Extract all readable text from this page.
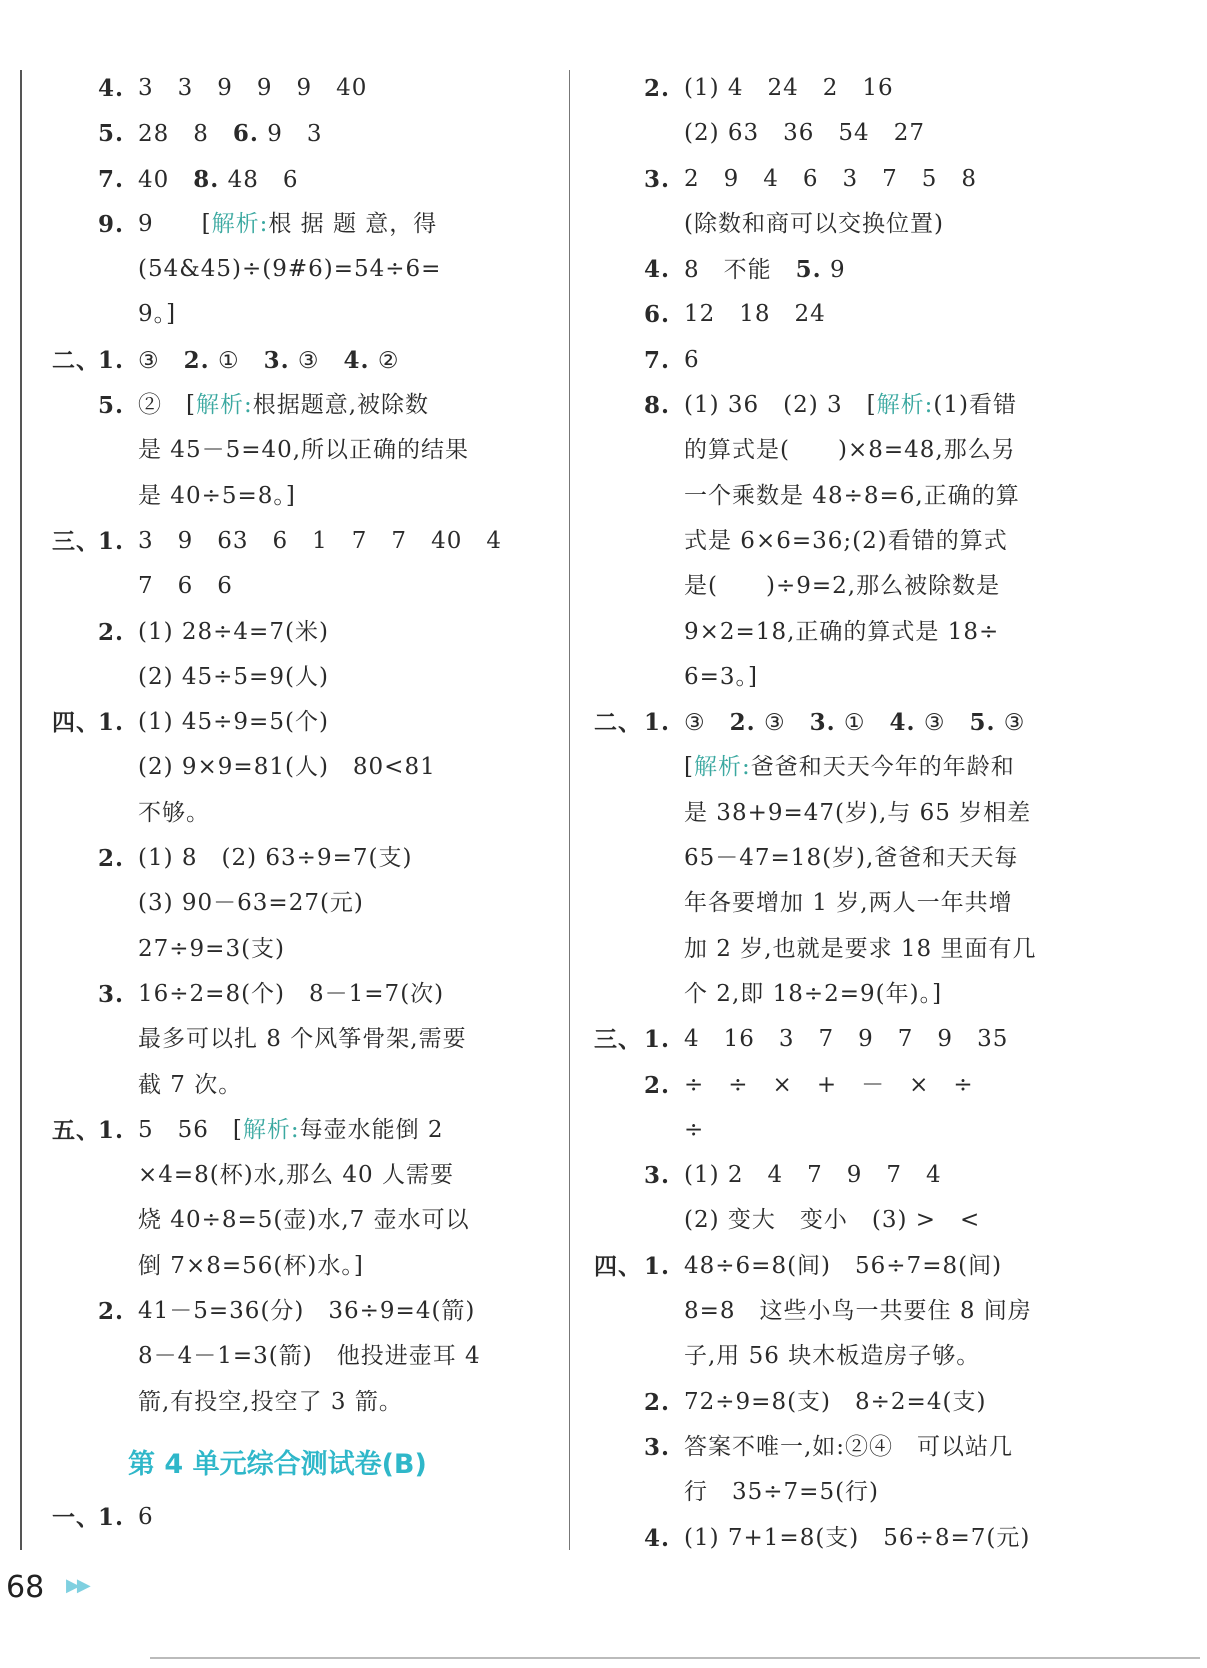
4. 3　3　9　9　9　40
5. 28　8　6. 9　3
7. 40　8. 48　6
9. 9　　[解析:根 据 题 意，得
(54&45)÷(9#6)=54÷6=
9。]
二、
1. ③　2. ①　3. ③　4. ②
5. ②　[解析:根据题意,被除数
是 45－5=40,所以正确的结果
是 40÷5=8。]
三、
1. 3　9　63　6　1　7　7　40　4
7　6　6
2. (1) 28÷4=7(米)
(2) 45÷5=9(人)
四、
1. (1) 45÷9=5(个)
(2) 9×9=81(人)　80<81
不够。
2. (1) 8　(2) 63÷9=7(支)
(3) 90－63=27(元)
27÷9=3(支)
3. 16÷2=8(个)　8－1=7(次)
最多可以扎 8 个风筝骨架,需要
截 7 次。
五、
1. 5　56　[解析:每壶水能倒 2
×4=8(杯)水,那么 40 人需要
烧 40÷8=5(壶)水,7 壶水可以
倒 7×8=56(杯)水。]
2. 41－5=36(分)　36÷9=4(箭)
8－4－1=3(箭)　他投进壶耳 4
箭,有投空,投空了 3 箭。
第 4 单元综合测试卷(B)
一、
1. 6
2. (1) 4　24　2　16
(2) 63　36　54　27
3. 2　9　4　6　3　7　5　8
(除数和商可以交换位置)
4. 8　不能　5. 9
6. 12　18　24
7. 6
8. (1) 36　(2) 3　[解析:(1)看错
的算式是(　　)×8=48,那么另
一个乘数是 48÷8=6,正确的算
式是 6×6=36;(2)看错的算式
是(　　)÷9=2,那么被除数是
9×2=18,正确的算式是 18÷
6=3。]
二、 1. ③　2. ③　3. ①　4. ③　5. ③
[解析:爸爸和天天今年的年龄和
是 38+9=47(岁),与 65 岁相差
65－47=18(岁),爸爸和天天每
年各要增加 1 岁,两人一年共增
加 2 岁,也就是要求 18 里面有几
个 2,即 18÷2=9(年)。]
三、 1. 4　16　3　7　9　7　9　35
2. ÷　÷　×　+　－　×　÷
÷
3. (1) 2　4　7　9　7　4
(2) 变大　变小　(3) >　<
四、 1. 48÷6=8(间)　56÷7=8(间)
8=8　这些小鸟一共要住 8 间房
子,用 56 块木板造房子够。
2. 72÷9=8(支)　8÷2=4(支)
3. 答案不唯一,如:②④　可以站几
行　35÷7=5(行)
4. (1) 7+1=8(支)　56÷8=7(元)
68 ▶▶
